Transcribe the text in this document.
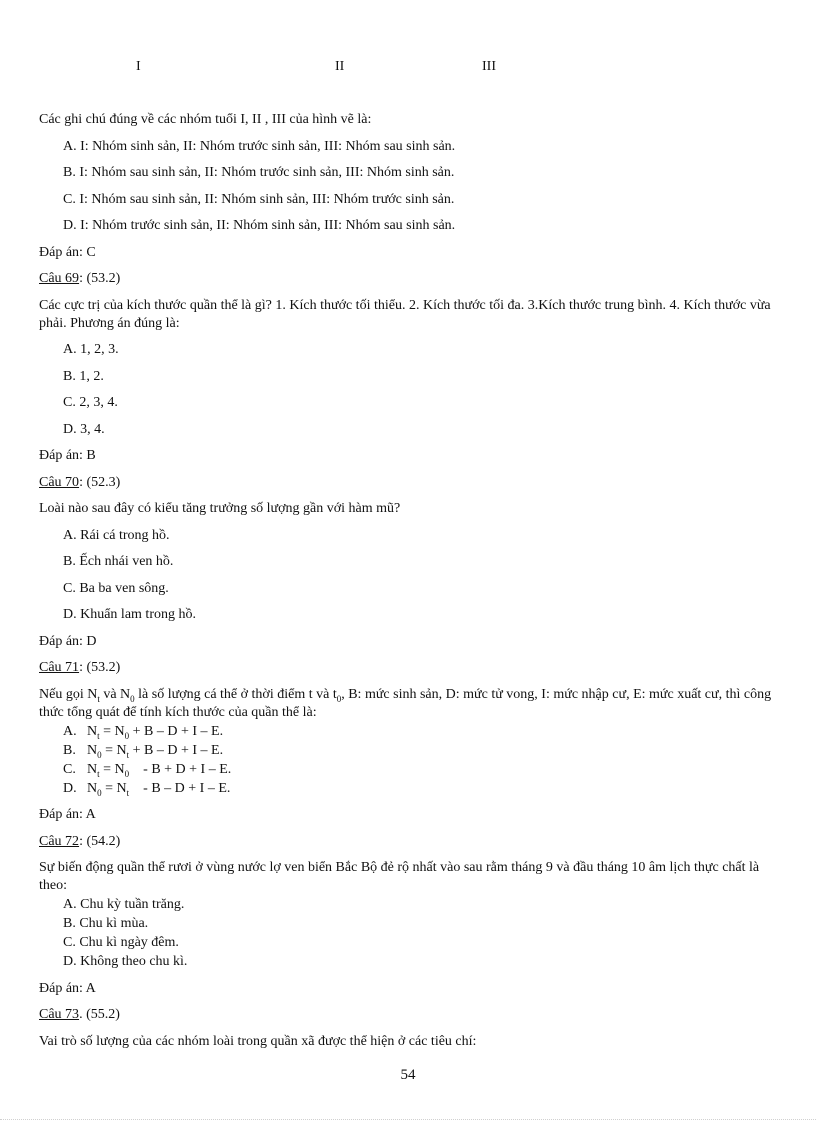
I	II	III

Các ghi chú đúng về các nhóm tuổi I, II , III của hình vẽ là:

A. I: Nhóm sinh sản, II: Nhóm trước sinh sản, III: Nhóm sau sinh sản.

B. I: Nhóm sau sinh sản, II: Nhóm trước sinh sản, III: Nhóm sinh sản.

C. I: Nhóm sau sinh sản, II: Nhóm sinh sản, III: Nhóm trước sinh sản.

D. I: Nhóm trước sinh sản, II: Nhóm sinh sản, III: Nhóm sau sinh sản.

Đáp án: C

Câu 69: (53.2)

Các cực trị của kích thước quần thể là gì? 1. Kích thước tối thiểu. 2. Kích thước tối đa. 3.Kích thước trung bình. 4. Kích thước vừa phải. Phương án đúng là:

A. 1, 2, 3.

B. 1, 2.

C. 2, 3, 4.

D. 3, 4.

Đáp án: B

Câu 70: (52.3)

Loài nào sau đây có kiểu tăng trưởng số lượng gần với hàm mũ?

A. Rái cá trong hồ.

B. Ếch nhái ven hồ.

C. Ba ba ven sông.

D. Khuẩn lam trong hồ.

Đáp án: D

Câu 71: (53.2)

Nếu gọi $N_t$ và $N_0$ là số lượng cá thể ở thời điểm t và $t_0$, B: mức sinh sản, D: mức tử vong, I: mức nhập cư, E: mức xuất cư, thì công thức tổng quát để tính kích thước của quần thể là:

A. $N_t = N_0 + B - D + I - E$.

B. $N_0 = N_t + B - D + I - E$.

C. $N_t = N_0$    - B + D + I – E.

D. $N_0 = N_t$    - B – D + I – E.

Đáp án: A

Câu 72: (54.2)

Sự biến động quần thể rươi ở vùng nước lợ ven biển Bắc Bộ đẻ rộ nhất vào sau rằm tháng 9 và đầu tháng 10 âm lịch thực chất là theo:

A. Chu kỳ tuần trăng.

B. Chu kì mùa.

C. Chu kì ngày đêm.

D. Không theo chu kì.

Đáp án: A

Câu 73. (55.2)

Vai trò số lượng của các nhóm loài trong quần xã được thể hiện ở các tiêu chí:

54
